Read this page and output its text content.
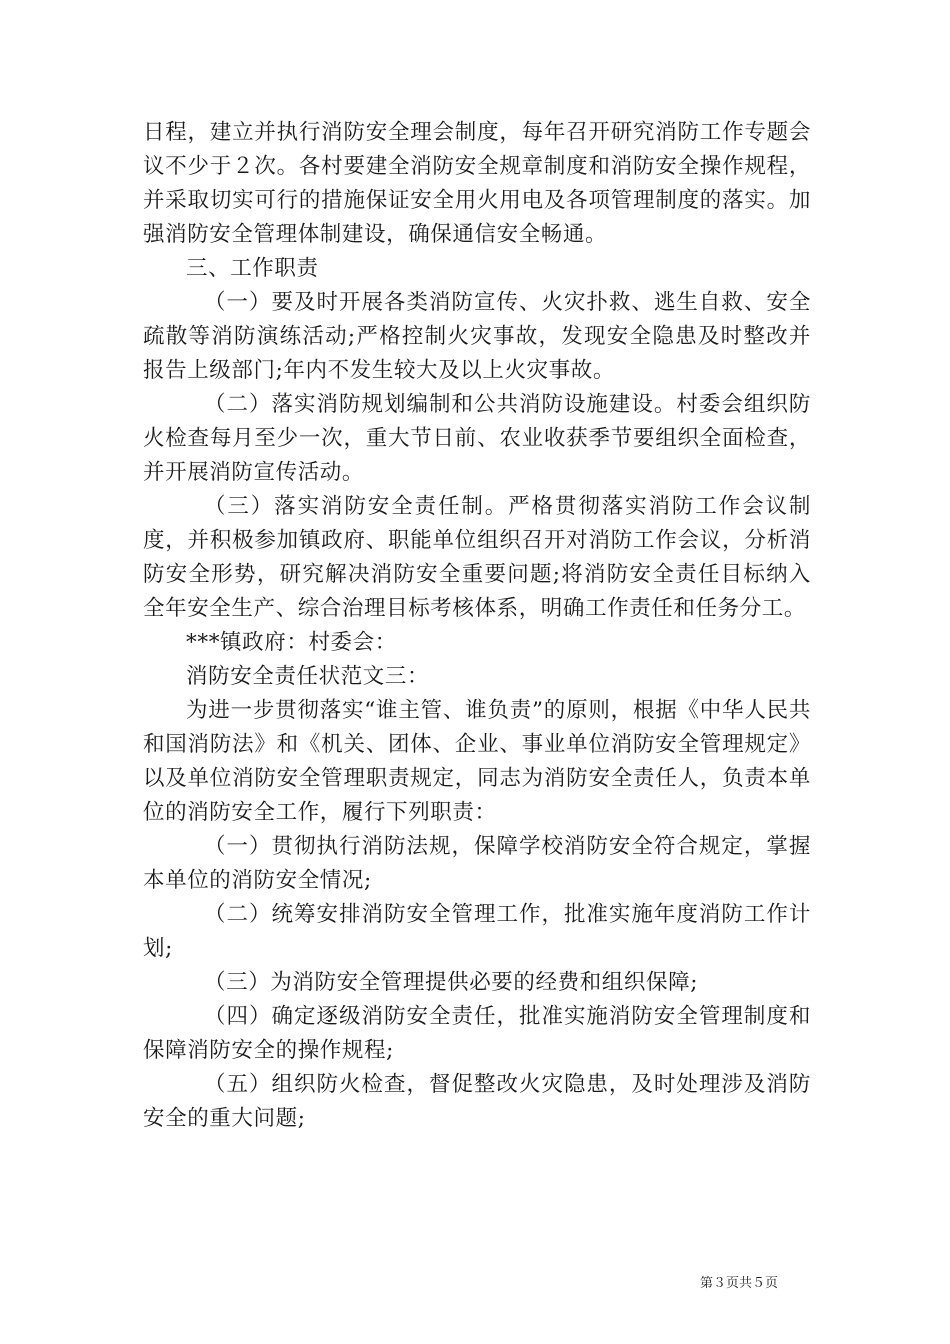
日程，建立并执行消防安全理会制度，每年召开研究消防工作专题会议不少于２次。各村要建全消防安全规章制度和消防安全操作规程，并采取切实可行的措施保证安全用火用电及各项管理制度的落实。加强消防安全管理体制建设，确保通信安全畅通。

三、工作职责

（一）要及时开展各类消防宣传、火灾扑救、逃生自救、安全疏散等消防演练活动;严格控制火灾事故，发现安全隐患及时整改并报告上级部门;年内不发生较大及以上火灾事故。

（二）落实消防规划编制和公共消防设施建设。村委会组织防火检查每月至少一次，重大节日前、农业收获季节要组织全面检查，并开展消防宣传活动。

（三）落实消防安全责任制。严格贯彻落实消防工作会议制度，并积极参加镇政府、职能单位组织召开对消防工作会议，分析消防安全形势，研究解决消防安全重要问题;将消防安全责任目标纳入全年安全生产、综合治理目标考核体系，明确工作责任和任务分工。

***镇政府：村委会：

消防安全责任状范文三：

为进一步贯彻落实“谁主管、谁负责”的原则，根据《中华人民共和国消防法》和《机关、团体、企业、事业单位消防安全管理规定》以及单位消防安全管理职责规定，同志为消防安全责任人，负责本单位的消防安全工作，履行下列职责：

（一）贯彻执行消防法规，保障学校消防安全符合规定，掌握本单位的消防安全情况;

（二）统筹安排消防安全管理工作，批准实施年度消防工作计划;

（三）为消防安全管理提供必要的经费和组织保障;

（四）确定逐级消防安全责任，批准实施消防安全管理制度和保障消防安全的操作规程;

（五）组织防火检查，督促整改火灾隐患，及时处理涉及消防安全的重大问题;

第３页共５页
